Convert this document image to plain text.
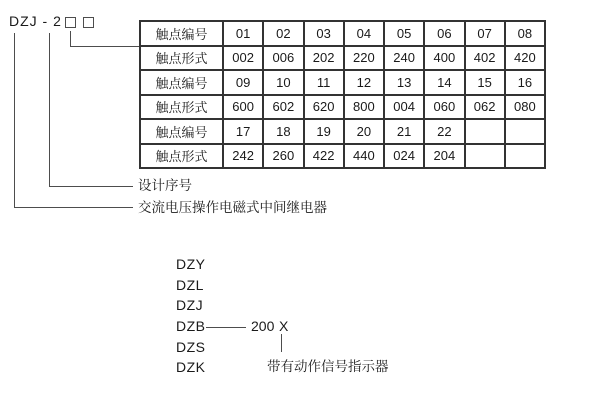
DZJ - 2
触点编号	01	02	03	04	05	06	07	08
触点形式	002	006	202	220	240	400	402	420
触点编号	09	10	11	12	13	14	15	16
触点形式	600	602	620	800	004	060	062	080
触点编号	17	18	19	20	21	22		
触点形式	242	260	422	440	024	204		
设计序号
交流电压操作电磁式中间继电器
DZY
DZL
DZJ
DZB
DZS
DZK
200 X
带有动作信号指示器
